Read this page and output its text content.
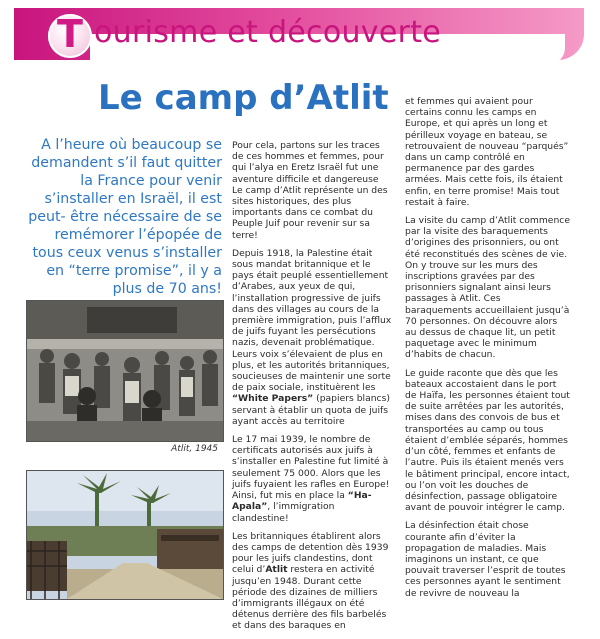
T ourisme et découverte
Le camp d’Atlit
A l’heure où beaucoup se demandent s’il faut quitter la France pour venir s’installer en Israël, il est peut- être nécessaire de se remémorer l’épopée de tous ceux venus s’installer en “terre promise”, il y a plus de 70 ans!
Atlit, 1945

Pour cela, partons sur les traces de ces hommes et femmes, pour qui l’alya en Eretz Israël fut une aventure difficile et dangereuse Le camp d’Atlit représente un des sites historiques, des plus importants dans ce combat du Peuple Juif pour revenir sur sa terre!

Depuis 1918, la Palestine était sous mandat britannique et le pays était peuplé essentiellement d’Arabes, aux yeux de qui, l’installation progressive de juifs dans des villages au cours de la première immigration, puis l’afflux de juifs fuyant les persécutions nazis, devenait problématique. Leurs voix s’élevaient de plus en plus, et les autorités britanniques, soucieuses de maintenir une sorte de paix sociale, instituèrent les “White Papers” (papiers blancs) servant à établir un quota de juifs ayant accès au territoire

Le 17 mai 1939, le nombre de certificats autorisés aux juifs à s’installer en Palestine fut limité à seulement 75 000. Alors que les juifs fuyaient les rafles en Europe! Ainsi, fut mis en place la “Ha-Apala”, l’immigration clandestine!

Les britanniques établirent alors des camps de detention dès 1939 pour les juifs clandestins, dont celui d’Atlit restera en activité jusqu’en 1948. Durant cette période des dizaines de milliers d’immigrants illégaux on été détenus derrière des fils barbelés et dans des baraques en

et femmes qui avaient pour certains connu les camps en Europe, et qui après un long et périlleux voyage en bateau, se retrouvaient de nouveau “parqués” dans un camp contrôlé en permanence par des gardes armées. Mais cette fois, ils étaient enfin, en terre promise! Mais tout restait à faire.

La visite du camp d’Atlit commence par la visite des baraquements d’origines des prisonniers, ou ont été reconstitués des scènes de vie. On y trouve sur les murs des inscriptions gravées par des prisonniers signalant ainsi leurs passages à Atlit. Ces baraquements accueillaient jusqu’à 70 personnes. On découvre alors au dessus de chaque lit, un petit paquetage avec le minimum d’habits de chacun.

Le guide raconte que dès que les bateaux accostaient dans le port de Haïfa, les personnes étaient tout de suite arrêtées par les autorités, mises dans des convois de bus et transportées au camp ou tous étaient d’emblée séparés, hommes d’un côté, femmes et enfants de l’autre. Puis ils étaient menés vers le bâtiment principal, encore intact, ou l’on voit les douches de désinfection, passage obligatoire avant de pouvoir intégrer le camp.

La désinfection était chose courante afin d’éviter la propagation de maladies. Mais imaginons un instant, ce que pouvait traverser l’esprit de toutes ces personnes ayant le sentiment de revivre de nouveau la
